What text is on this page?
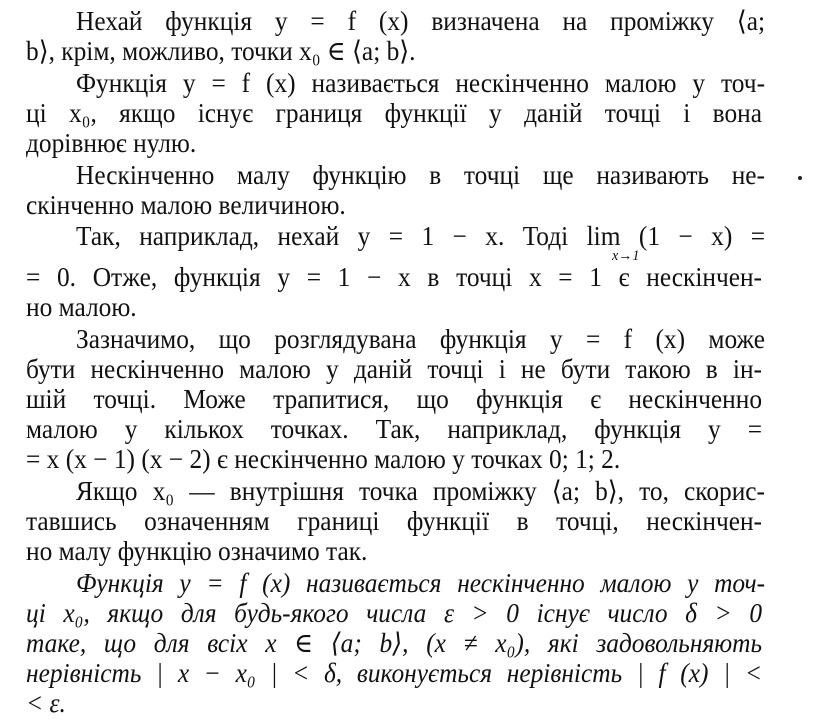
Нехай функція y = f (x) визначена на проміжку ⟨a;
b⟩, крім, можливо, точки x₀ ∈ ⟨a; b⟩.
Функція y = f (x) називається нескінченно малою у точ-
ці x₀, якщо існує границя функції у даній точці і вона
дорівнює нулю.
Нескінченно малу функцію в точці ще називають не-
скінченно малою величиною.
Так, наприклад, нехай y = 1 − x. Тоді lim (1 − x) =
x→1
= 0. Отже, функція y = 1 − x в точці x = 1 є нескінчен-
но малою.
Зазначимо, що розглядувана функція y = f (x) може
бути нескінченно малою у даній точці і не бути такою в ін-
шій точці. Може трапитися, що функція є нескінченно
малою у кількох точках. Так, наприклад, функція y =
= x (x − 1) (x − 2) є нескінченно малою у точках 0; 1; 2.
Якщо x₀ — внутрішня точка проміжку ⟨a; b⟩, то, скорис-
тавшись означенням границі функції в точці, нескінчен-
но малу функцію означимо так.
Функція y = f (x) називається нескінченно малою у точ-
ці x₀, якщо для будь-якого числа ε > 0 існує число δ > 0
таке, що для всіх x ∈ ⟨a; b⟩, (x ≠ x₀), які задовольняють
нерівність | x − x₀ | < δ, виконується нерівність | f (x) | <
< ε.
